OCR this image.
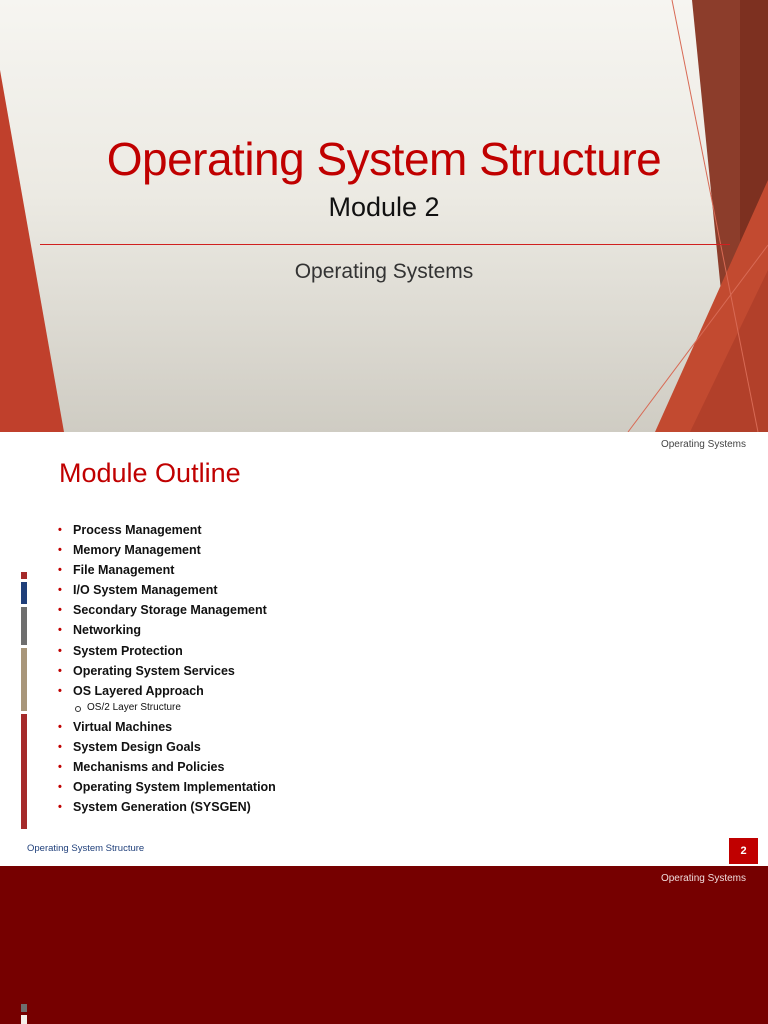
Operating System Structure
Module 2
Operating Systems
Operating Systems
Module Outline
• Process Management
• Memory Management
• File Management
• I/O System Management
• Secondary Storage Management
• Networking
• System Protection
• Operating System Services
• OS Layered Approach
OS/2 Layer Structure
• Virtual Machines
• System Design Goals
• Mechanisms and Policies
• Operating System Implementation
• System Generation (SYSGEN)
Operating System Structure	2
Operating Systems
